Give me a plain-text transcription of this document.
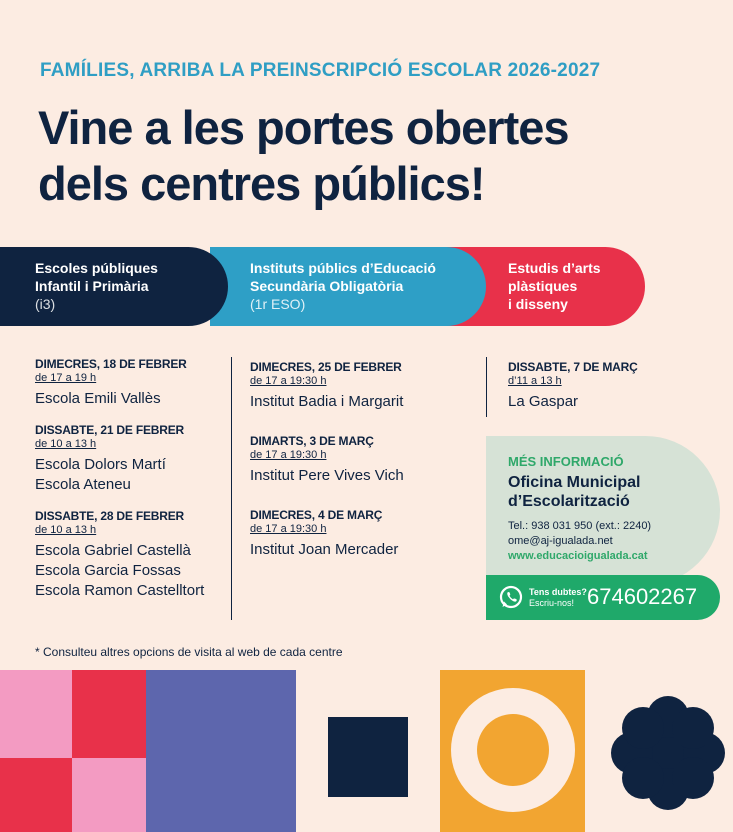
FAMÍLIES, ARRIBA LA PREINSCRIPCIÓ ESCOLAR 2026-2027
Vine a les portes obertes
dels centres públics!
Estudis d’arts
plàstiques
i disseny
Instituts públics d’Educació
Secundària Obligatòria
(1r ESO)
Escoles públiques
Infantil i Primària
(i3)
DIMECRES, 18 DE FEBRER
de 17 a 19 h
Escola Emili Vallès
DISSABTE, 21 DE FEBRER
de 10 a 13 h
Escola Dolors Martí
Escola Ateneu
DISSABTE, 28 DE FEBRER
de 10 a 13 h
Escola Gabriel Castellà
Escola Garcia Fossas
Escola Ramon Castelltort
DIMECRES, 25 DE FEBRER
de 17 a 19:30 h
Institut Badia i Margarit
DIMARTS, 3 DE MARÇ
de 17 a 19:30 h
Institut Pere Vives Vich
DIMECRES, 4 DE MARÇ
de 17 a 19:30 h
Institut Joan Mercader
DISSABTE, 7 DE MARÇ
d’11 a 13 h
La Gaspar
MÉS INFORMACIÓ
Oficina Municipal
d’Escolarització
Tel.: 938 031 950 (ext.: 2240)
ome@aj-igualada.net
www.educacioigualada.cat
Tens dubtes?
Escriu-nos! 674602267
* Consulteu altres opcions de visita al web de cada centre
